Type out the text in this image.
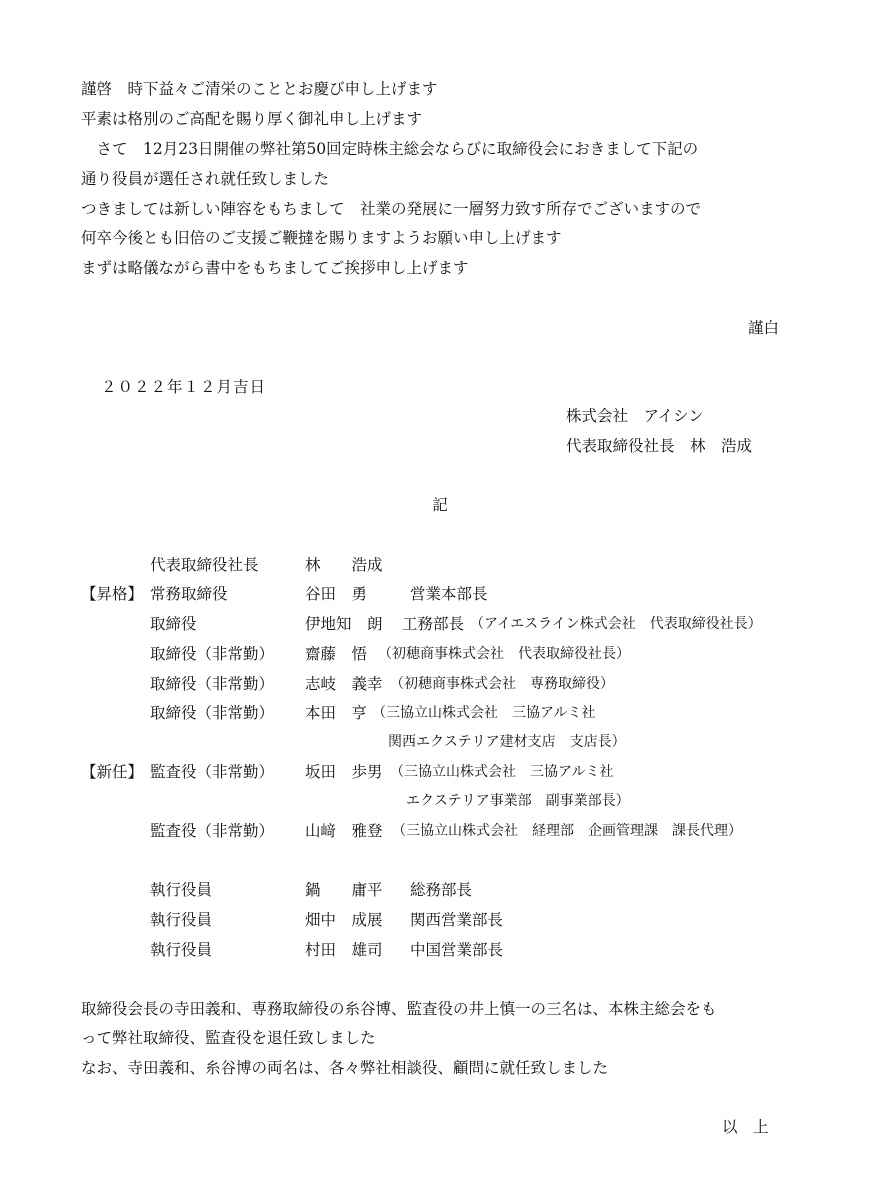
謹啓　時下益々ご清栄のこととお慶び申し上げます
平素は格別のご高配を賜り厚く御礼申し上げます
　さて　12月23日開催の弊社第50回定時株主総会ならびに取締役会におきまして下記の
通り役員が選任され就任致しました
つきましては新しい陣容をもちまして　社業の発展に一層努力致す所存でございますので
何卒今後とも旧倍のご支援ご鞭撻を賜りますようお願い申し上げます
まずは略儀ながら書中をもちましてご挨拶申し上げます
謹白
２０２２年１２月吉日
株式会社　アイシン
代表取締役社長　林　浩成
記
代表取締役社長	林　　浩成
【昇格】 常務取締役	谷田　勇	営業本部長
取締役	伊地知　朗 工務部長 （アイエスライン株式会社　代表取締役社長）
取締役（非常勤） 齋藤　悟 （初穂商事株式会社　代表取締役社長）
取締役（非常勤） 志岐　義幸 （初穂商事株式会社　専務取締役）
取締役（非常勤） 本田　亨 （三協立山株式会社　三協アルミ社
関西エクステリア建材支店　支店長）
【新任】 監査役（非常勤） 坂田　歩男 （三協立山株式会社　三協アルミ社
エクステリア事業部　副事業部長）
監査役（非常勤） 山﨑　雅登 （三協立山株式会社　経理部　企画管理課　課長代理）
執行役員	鍋　　庸平 総務部長
執行役員	畑中　成展 関西営業部長
執行役員	村田　雄司 中国営業部長
取締役会長の寺田義和、専務取締役の糸谷博、監査役の井上慎一の三名は、本株主総会をも
って弊社取締役、監査役を退任致しました
なお、寺田義和、糸谷博の両名は、各々弊社相談役、顧問に就任致しました
以　上
